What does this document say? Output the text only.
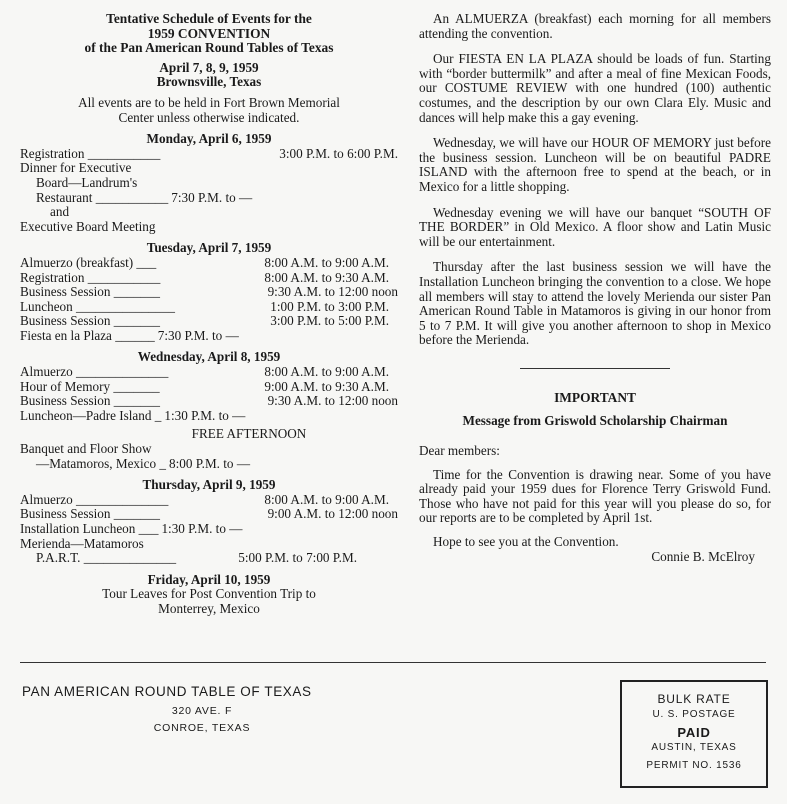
Tentative Schedule of Events for the
1959 CONVENTION
of the Pan American Round Tables of Texas
April 7, 8, 9, 1959
Brownsville, Texas
All events are to be held in Fort Brown Memorial
Center unless otherwise indicated.
Monday, April 6, 1959
Registration ___________	3:00 P.M. to 6:00 P.M.
Dinner for Executive
Board—Landrum's
Restaurant ___________ 7:30 P.M. to —
and
Executive Board Meeting
Tuesday, April 7, 1959
Almuerzo (breakfast) ___	8:00 A.M. to 9:00 A.M.
Registration ___________	8:00 A.M. to 9:30 A.M.
Business Session _______	9:30 A.M. to 12:00 noon
Luncheon _______________	1:00 P.M. to 3:00 P.M.
Business Session _______	3:00 P.M. to 5:00 P.M.
Fiesta en la Plaza ______ 7:30 P.M. to —
Wednesday, April 8, 1959
Almuerzo ______________	8:00 A.M. to 9:00 A.M.
Hour of Memory _______	9:00 A.M. to 9:30 A.M.
Business Session _______	9:30 A.M. to 12:00 noon
Luncheon—Padre Island _ 1:30 P.M. to —
FREE AFTERNOON
Banquet and Floor Show
—Matamoros, Mexico _ 8:00 P.M. to —
Thursday, April 9, 1959
Almuerzo ______________	8:00 A.M. to 9:00 A.M.
Business Session _______	9:00 A.M. to 12:00 noon
Installation Luncheon ___ 1:30 P.M. to —
Merienda—Matamoros
P.A.R.T. ______________	5:00 P.M. to 7:00 P.M.
Friday, April 10, 1959
Tour Leaves for Post Convention Trip to
Monterrey, Mexico

An ALMUERZA (breakfast) each morning for all members attending the convention.

Our FIESTA EN LA PLAZA should be loads of fun. Starting with “border buttermilk” and after a meal of fine Mexican Foods, our COSTUME REVIEW with one hundred (100) authentic costumes, and the description by our own Clara Ely. Music and dances will help make this a gay evening.

Wednesday, we will have our HOUR OF MEMORY just before the business session. Luncheon will be on beautiful PADRE ISLAND with the afternoon free to spend at the beach, or in Mexico for a little shopping.

Wednesday evening we will have our banquet “SOUTH OF THE BORDER” in Old Mexico. A floor show and Latin Music will be our entertainment.

Thursday after the last business session we will have the Installation Luncheon bringing the convention to a close. We hope all members will stay to attend the lovely Merienda our sister Pan American Round Table in Matamoros is giving in our honor from 5 to 7 P.M. It will give you another afternoon to shop in Mexico before the Merienda.

IMPORTANT
Message from Griswold Scholarship Chairman
Dear members:

Time for the Convention is drawing near. Some of you have already paid your 1959 dues for Florence Terry Griswold Fund. Those who have not paid for this year will you please do so, for our reports are to be completed by April 1st.

Hope to see you at the Convention.
Connie B. McElroy
PAN AMERICAN ROUND TABLE OF TEXAS
320 AVE. F
CONROE, TEXAS
BULK RATE
U. S. POSTAGE
PAID
AUSTIN, TEXAS
PERMIT NO. 1536
